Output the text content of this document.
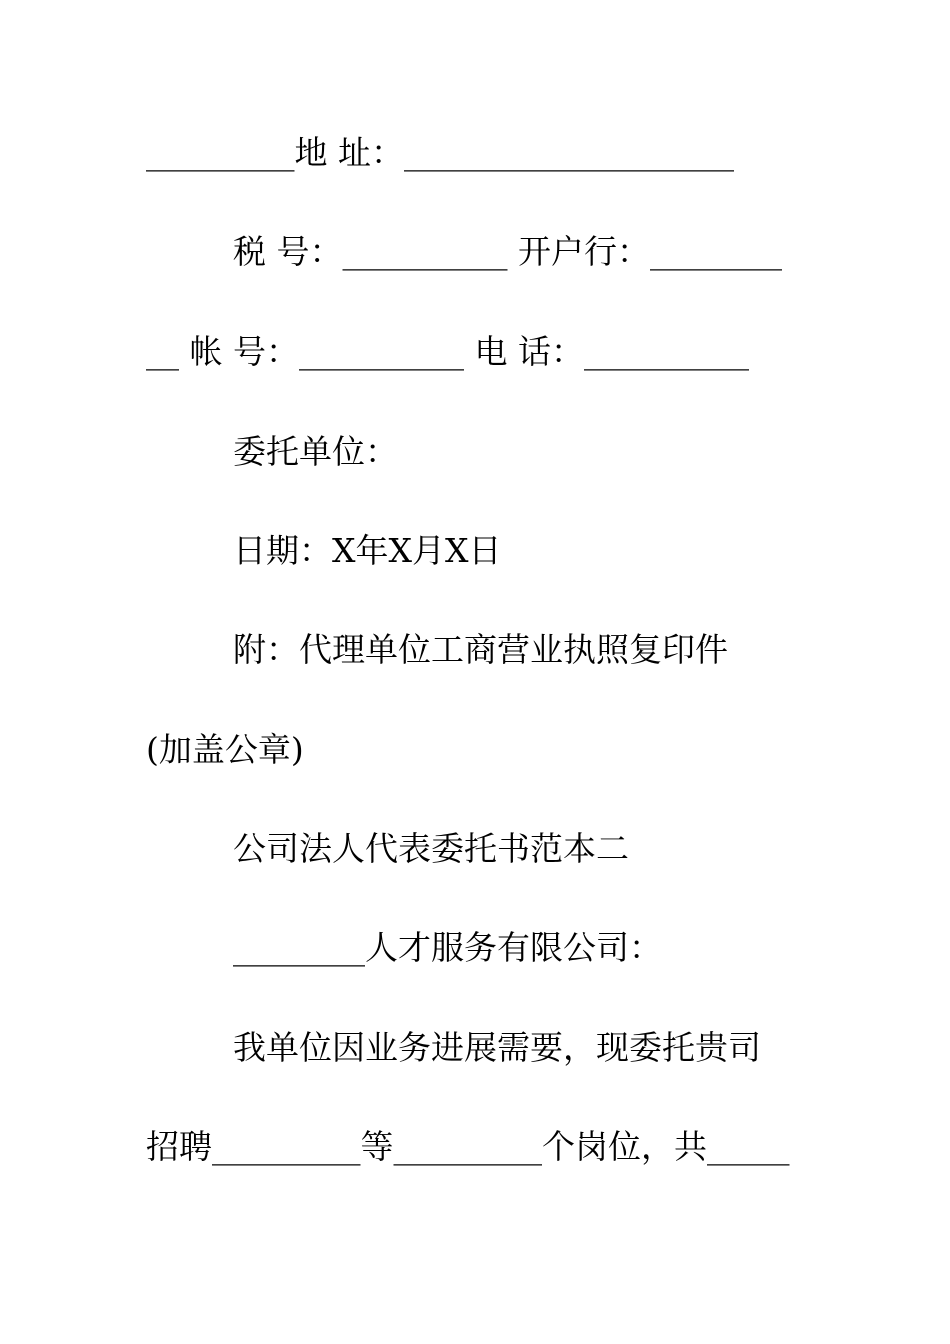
_________地 址：____________________
税 号：__________ 开户行：________
__ 帐 号：__________ 电 话：__________
委托单位：
日期：X年X月X日
附：代理单位工商营业执照复印件
(加盖公章)
公司法人代表委托书范本二
________人才服务有限公司：
我单位因业务进展需要，现委托贵司
招聘_________等_________个岗位，共_____
